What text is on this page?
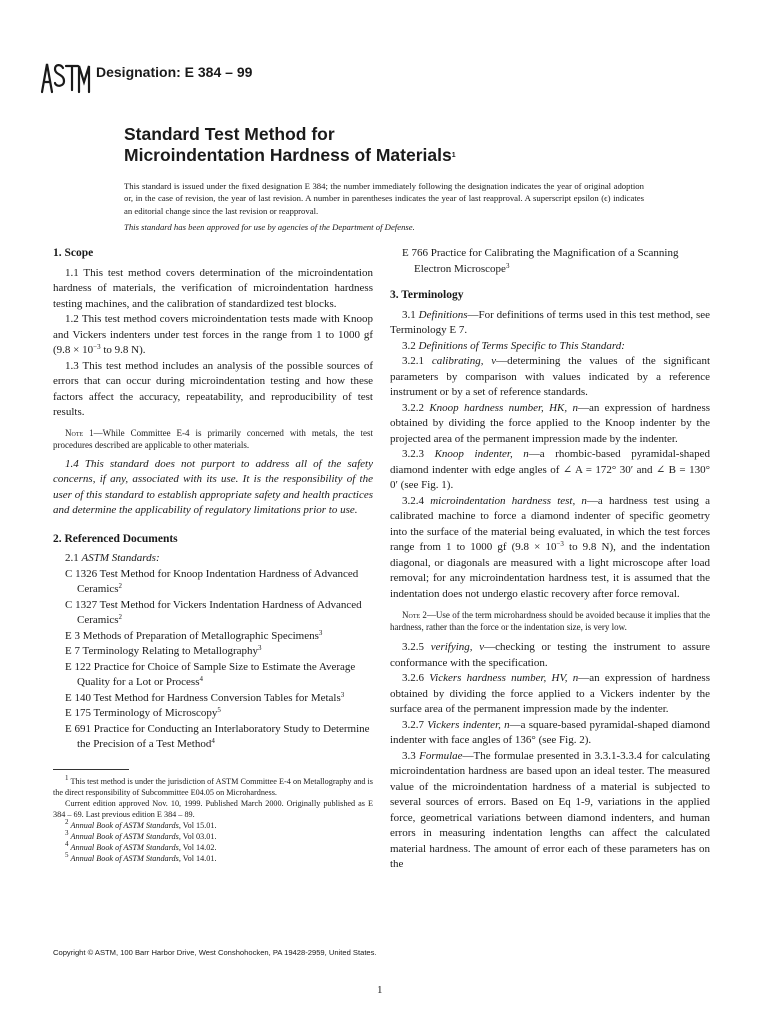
Designation: E 384 – 99
Standard Test Method for
Microindentation Hardness of Materials$^1$
This standard is issued under the fixed designation E 384; the number immediately following the designation indicates the year of original adoption or, in the case of revision, the year of last revision. A number in parentheses indicates the year of last reapproval. A superscript epsilon (ϵ) indicates an editorial change since the last revision or reapproval.
This standard has been approved for use by agencies of the Department of Defense.

1. Scope

1.1 This test method covers determination of the microindentation hardness of materials, the verification of microindentation hardness testing machines, and the calibration of standardized test blocks.

1.2 This test method covers microindentation tests made with Knoop and Vickers indenters under test forces in the range from 1 to 1000 gf ($9.8 \times 10^{-3}$ to 9.8 N).

1.3 This test method includes an analysis of the possible sources of errors that can occur during microindentation testing and how these factors affect the accuracy, repeatability, and reproducibility of test results.

Note 1—While Committee E-4 is primarily concerned with metals, the test procedures described are applicable to other materials.

1.4 This standard does not purport to address all of the safety concerns, if any, associated with its use. It is the responsibility of the user of this standard to establish appropriate safety and health practices and determine the applicability of regulatory limitations prior to use.

2. Referenced Documents

2.1 ASTM Standards:

C 1326 Test Method for Knoop Indentation Hardness of Advanced Ceramics$^2$

C 1327 Test Method for Vickers Indentation Hardness of Advanced Ceramics$^2$

E 3 Methods of Preparation of Metallographic Specimens$^3$

E 7 Terminology Relating to Metallography$^3$

E 122 Practice for Choice of Sample Size to Estimate the Average Quality for a Lot or Process$^4$

E 140 Test Method for Hardness Conversion Tables for Metals$^3$

E 175 Terminology of Microscopy$^5$

E 691 Practice for Conducting an Interlaboratory Study to Determine the Precision of a Test Method$^4$

$^1$ This test method is under the jurisdiction of ASTM Committee E-4 on Metallography and is the direct responsibility of Subcommittee E04.05 on Microhardness.

Current edition approved Nov. 10, 1999. Published March 2000. Originally published as E 384 – 69. Last previous edition E 384 – 89.

$^2$ Annual Book of ASTM Standards, Vol 15.01.

$^3$ Annual Book of ASTM Standards, Vol 03.01.

$^4$ Annual Book of ASTM Standards, Vol 14.02.

$^5$ Annual Book of ASTM Standards, Vol 14.01.

E 766 Practice for Calibrating the Magnification of a Scanning Electron Microscope$^3$

3. Terminology

3.1 Definitions—For definitions of terms used in this test method, see Terminology E 7.

3.2 Definitions of Terms Specific to This Standard:

3.2.1 calibrating, v—determining the values of the significant parameters by comparison with values indicated by a reference instrument or by a set of reference standards.

3.2.2 Knoop hardness number, HK, n—an expression of hardness obtained by dividing the force applied to the Knoop indenter by the projected area of the permanent impression made by the indenter.

3.2.3 Knoop indenter, n—a rhombic-based pyramidal-shaped diamond indenter with edge angles of ∠ A = 172° 30′ and ∠ B = 130° 0′ (see Fig. 1).

3.2.4 microindentation hardness test, n—a hardness test using a calibrated machine to force a diamond indenter of specific geometry into the surface of the material being evaluated, in which the test forces range from 1 to 1000 gf ($9.8 \times 10^{-3}$ to 9.8 N), and the indentation diagonal, or diagonals are measured with a light microscope after load removal; for any microindentation hardness test, it is assumed that the indentation does not undergo elastic recovery after force removal.

Note 2—Use of the term microhardness should be avoided because it implies that the hardness, rather than the force or the indentation size, is very low.

3.2.5 verifying, v—checking or testing the instrument to assure conformance with the specification.

3.2.6 Vickers hardness number, HV, n—an expression of hardness obtained by dividing the force applied to a Vickers indenter by the surface area of the permanent impression made by the indenter.

3.2.7 Vickers indenter, n—a square-based pyramidal-shaped diamond indenter with face angles of 136° (see Fig. 2).

3.3 Formulae—The formulae presented in 3.3.1-3.3.4 for calculating microindentation hardness are based upon an ideal tester. The measured value of the microindentation hardness of a material is subjected to several sources of errors. Based on Eq 1-9, variations in the applied force, geometrical variations between diamond indenters, and human errors in measuring indentation lengths can affect the calculated material hardness. The amount of error each of these parameters has on the

Copyright © ASTM, 100 Barr Harbor Drive, West Conshohocken, PA 19428-2959, United States.
1
